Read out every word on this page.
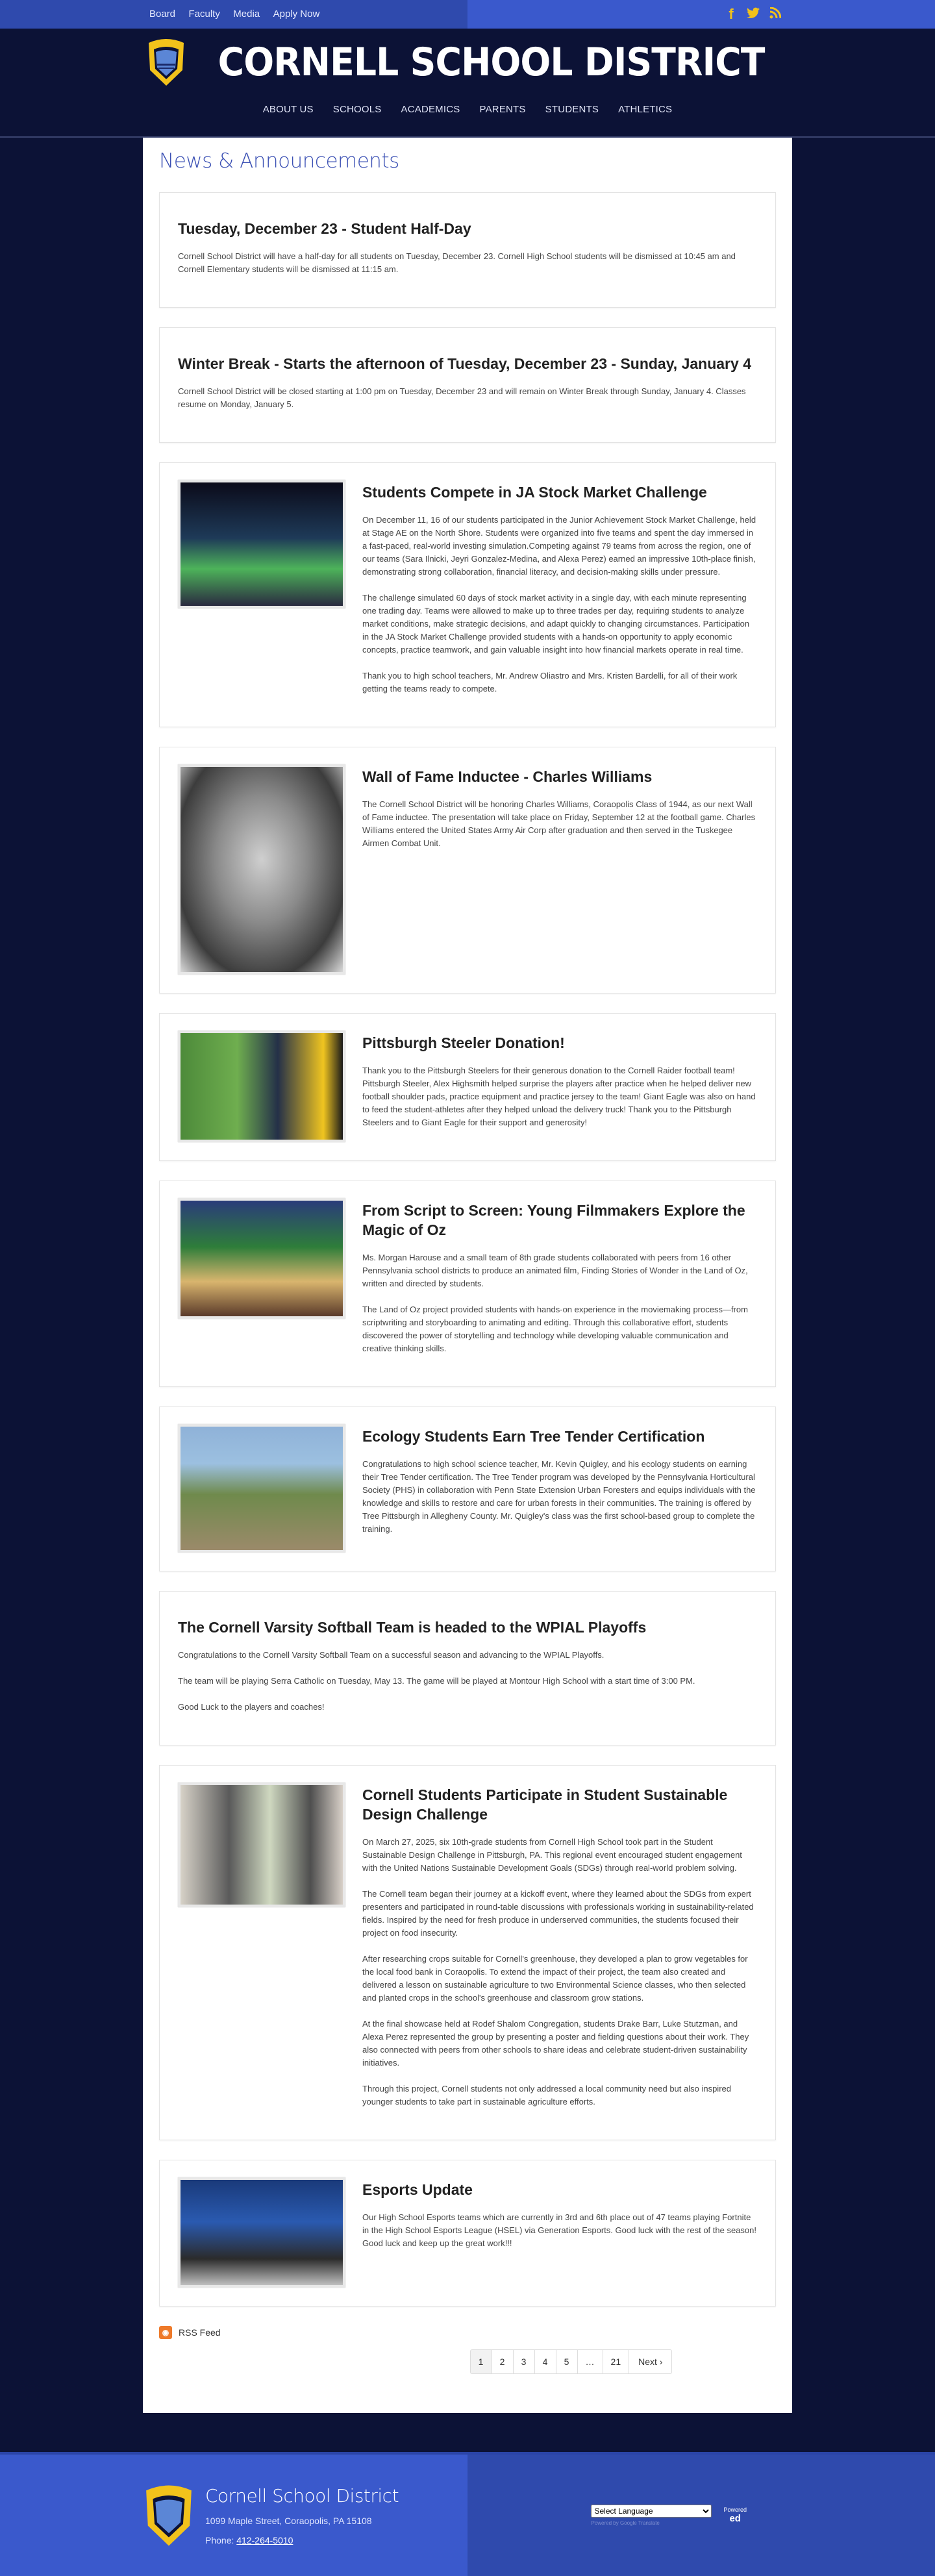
Board Faculty Media Apply Now	f
CORNELL SCHOOL DISTRICT
ABOUT US SCHOOLS ACADEMICS PARENTS STUDENTS ATHLETICS
News & Announcements
Tuesday, December 23 - Student Half-Day

Cornell School District will have a half-day for all students on Tuesday, December 23. Cornell High School students will be dismissed at 10:45 am and Cornell Elementary students will be dismissed at 11:15 am.

Winter Break - Starts the afternoon of Tuesday, December 23 - Sunday, January 4

Cornell School District will be closed starting at 1:00 pm on Tuesday, December 23 and will remain on Winter Break through Sunday, January 4. Classes resume on Monday, January 5.

Students Compete in JA Stock Market Challenge

On December 11, 16 of our students participated in the Junior Achievement Stock Market Challenge, held at Stage AE on the North Shore. Students were organized into five teams and spent the day immersed in a fast-paced, real-world investing simulation.Competing against 79 teams from across the region, one of our teams (Sara Ilnicki, Jeyri Gonzalez-Medina, and Alexa Perez) earned an impressive 10th-place finish, demonstrating strong collaboration, financial literacy, and decision-making skills under pressure.

The challenge simulated 60 days of stock market activity in a single day, with each minute representing one trading day. Teams were allowed to make up to three trades per day, requiring students to analyze market conditions, make strategic decisions, and adapt quickly to changing circumstances. Participation in the JA Stock Market Challenge provided students with a hands-on opportunity to apply economic concepts, practice teamwork, and gain valuable insight into how financial markets operate in real time.

Thank you to high school teachers, Mr. Andrew Oliastro and Mrs. Kristen Bardelli, for all of their work getting the teams ready to compete.

Wall of Fame Inductee - Charles Williams

The Cornell School District will be honoring Charles Williams, Coraopolis Class of 1944, as our next Wall of Fame inductee. The presentation will take place on Friday, September 12 at the football game. Charles Williams entered the United States Army Air Corp after graduation and then served in the Tuskegee Airmen Combat Unit.

Pittsburgh Steeler Donation!

Thank you to the Pittsburgh Steelers for their generous donation to the Cornell Raider football team! Pittsburgh Steeler, Alex Highsmith helped surprise the players after practice when he helped deliver new football shoulder pads, practice equipment and practice jersey to the team! Giant Eagle was also on hand to feed the student-athletes after they helped unload the delivery truck! Thank you to the Pittsburgh Steelers and to Giant Eagle for their support and generosity!

From Script to Screen: Young Filmmakers Explore the Magic of Oz

Ms. Morgan Harouse and a small team of 8th grade students collaborated with peers from 16 other Pennsylvania school districts to produce an animated film, Finding Stories of Wonder in the Land of Oz, written and directed by students.

The Land of Oz project provided students with hands-on experience in the moviemaking process—from scriptwriting and storyboarding to animating and editing. Through this collaborative effort, students discovered the power of storytelling and technology while developing valuable communication and creative thinking skills.

Ecology Students Earn Tree Tender Certification

Congratulations to high school science teacher, Mr. Kevin Quigley, and his ecology students on earning their Tree Tender certification. The Tree Tender program was developed by the Pennsylvania Horticultural Society (PHS) in collaboration with Penn State Extension Urban Foresters and equips individuals with the knowledge and skills to restore and care for urban forests in their communities. The training is offered by Tree Pittsburgh in Allegheny County. Mr. Quigley's class was the first school-based group to complete the training.

The Cornell Varsity Softball Team is headed to the WPIAL Playoffs

Congratulations to the Cornell Varsity Softball Team on a successful season and advancing to the WPIAL Playoffs.

The team will be playing Serra Catholic on Tuesday, May 13. The game will be played at Montour High School with a start time of 3:00 PM.

Good Luck to the players and coaches!

Cornell Students Participate in Student Sustainable Design Challenge

On March 27, 2025, six 10th-grade students from Cornell High School took part in the Student Sustainable Design Challenge in Pittsburgh, PA. This regional event encouraged student engagement with the United Nations Sustainable Development Goals (SDGs) through real-world problem solving.

The Cornell team began their journey at a kickoff event, where they learned about the SDGs from expert presenters and participated in round-table discussions with professionals working in sustainability-related fields. Inspired by the need for fresh produce in underserved communities, the students focused their project on food insecurity.

After researching crops suitable for Cornell's greenhouse, they developed a plan to grow vegetables for the local food bank in Coraopolis. To extend the impact of their project, the team also created and delivered a lesson on sustainable agriculture to two Environmental Science classes, who then selected and planted crops in the school's greenhouse and classroom grow stations.

At the final showcase held at Rodef Shalom Congregation, students Drake Barr, Luke Stutzman, and Alexa Perez represented the group by presenting a poster and fielding questions about their work. They also connected with peers from other schools to share ideas and celebrate student-driven sustainability initiatives.

Through this project, Cornell students not only addressed a local community need but also inspired younger students to take part in sustainable agriculture efforts.

Esports Update

Our High School Esports teams which are currently in 3rd and 6th place out of 47 teams playing Fortnite in the High School Esports League (HSEL) via Generation Esports. Good luck with the rest of the season! Good luck and keep up the great work!!!

◉	RSS Feed
1	2	3	4	5	…	21	Next ›
Cornell School District
1099 Maple Street, Coraopolis, PA 15108
Phone: 412-264-5010
Select Language
Powered by Google Translate
Powered
ed
